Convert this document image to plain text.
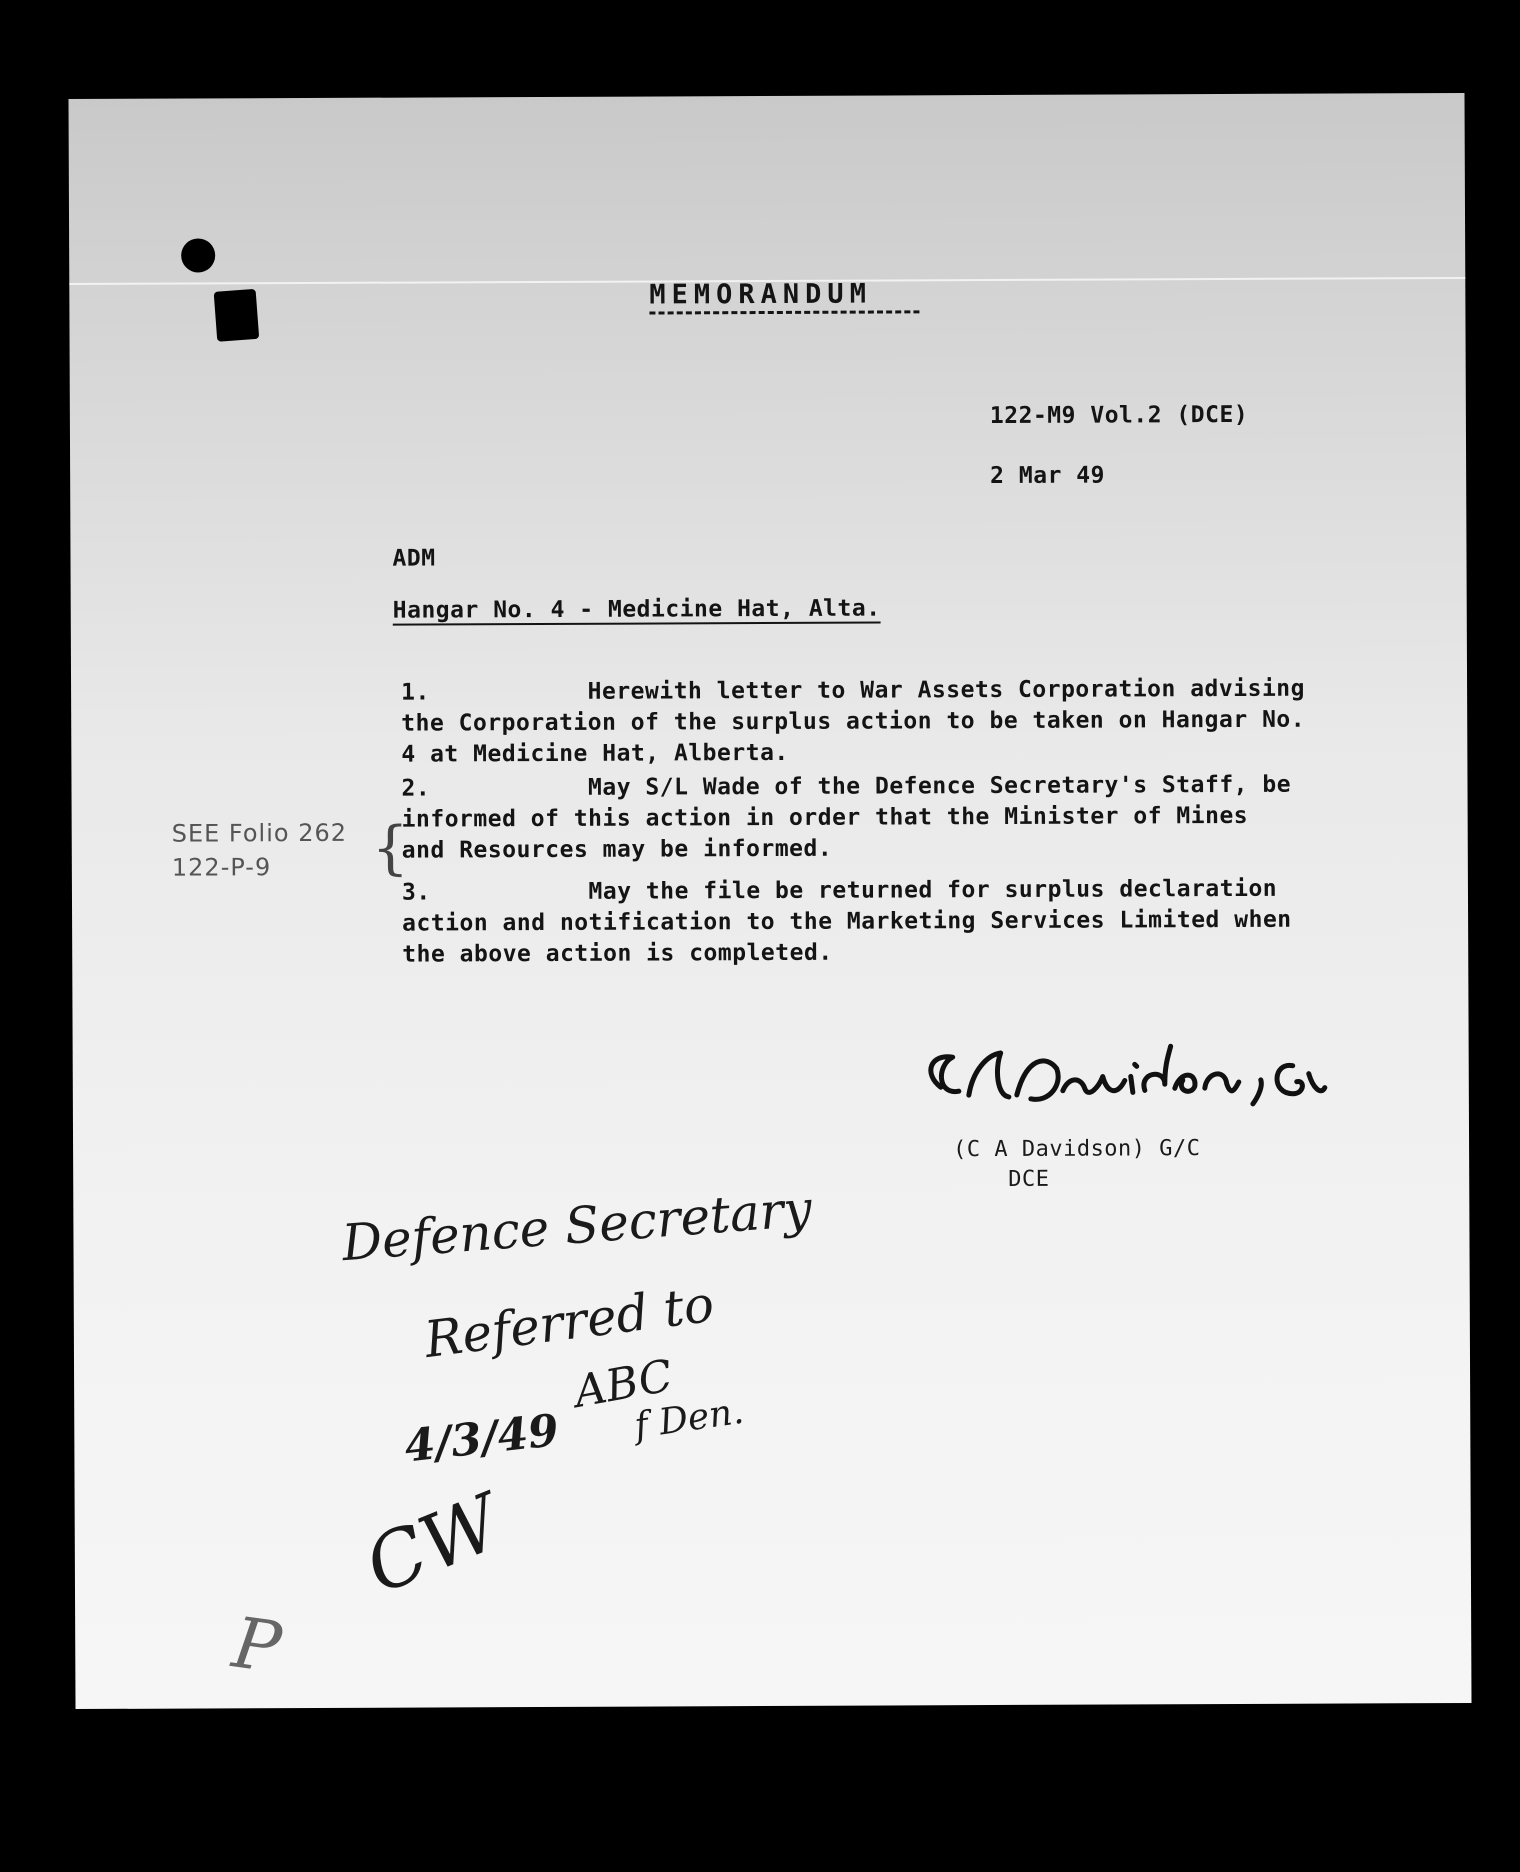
MEMORANDUM
122-M9 Vol.2 (DCE)
2 Mar 49
ADM
Hangar No. 4 - Medicine Hat, Alta.
1.           Herewith letter to War Assets Corporation advising
the Corporation of the surplus action to be taken on Hangar No.
4 at Medicine Hat, Alberta.
2.           May S/L Wade of the Defence Secretary's Staff, be
informed of this action in order that the Minister of Mines
and Resources may be informed.
3.           May the file be returned for surplus declaration
action and notification to the Marketing Services Limited when
the above action is completed.
SEE Folio 262
122-P-9	{
(C A Davidson) G/C
DCE
Defence Secretary
Referred to
ABC
f Den.
4/3/49
CW
P
